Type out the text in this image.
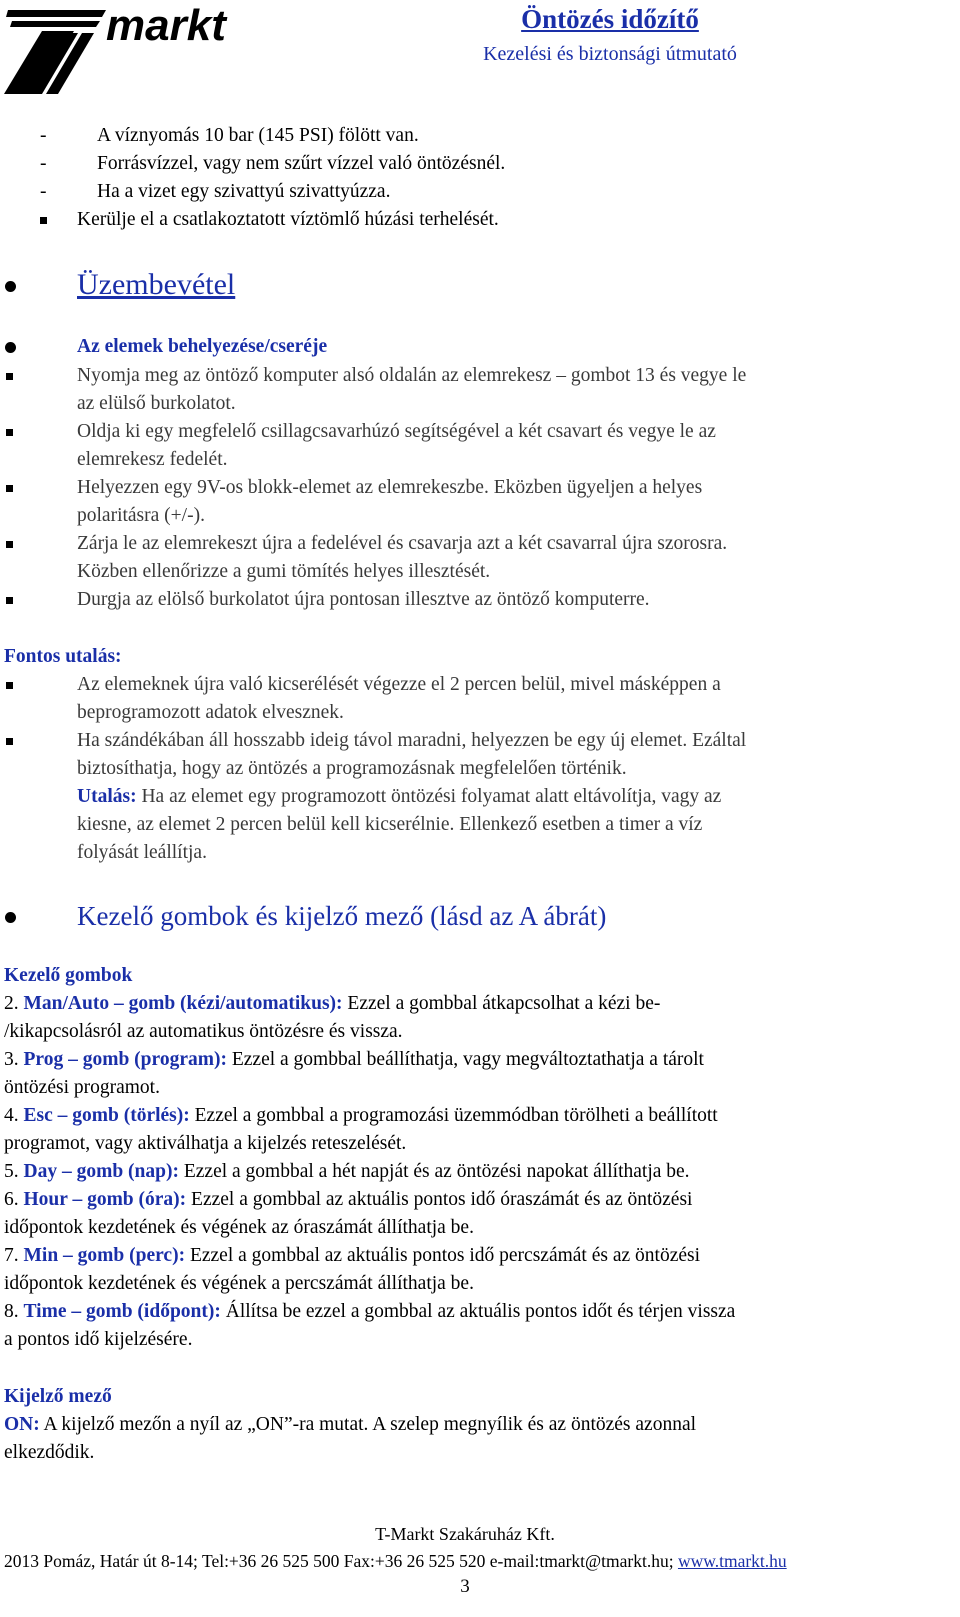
markt	Öntözés időzítő
Kezelési és biztonsági útmutató
-	A víznyomás 10 bar (145 PSI) fölött van.
-	Forrásvízzel, vagy nem szűrt vízzel való öntözésnél.
-	Ha a vizet egy szivattyú szivattyúzza.
Kerülje el a csatlakoztatott víztömlő húzási terhelését.
Üzembevétel
Az elemek behelyezése/cseréje
Nyomja meg az öntöző komputer alsó oldalán az elemrekesz – gombot 13 és vegye le
az elülső burkolatot.
Oldja ki egy megfelelő csillagcsavarhúzó segítségével a két csavart és vegye le az
elemrekesz fedelét.
Helyezzen egy 9V-os blokk-elemet az elemrekeszbe. Eközben ügyeljen a helyes
polaritásra (+/-).
Zárja le az elemrekeszt újra a fedelével és csavarja azt a két csavarral újra szorosra.
Közben ellenőrizze a gumi tömítés helyes illesztését.
Durgja az elölső burkolatot újra pontosan illesztve az öntöző komputerre.
Fontos utalás:
Az elemeknek újra való kicserélését végezze el 2 percen belül, mivel másképpen a
beprogramozott adatok elvesznek.
Ha szándékában áll hosszabb ideig távol maradni, helyezzen be egy új elemet. Ezáltal
biztosíthatja, hogy az öntözés a programozásnak megfelelően történik.
Utalás: Ha az elemet egy programozott öntözési folyamat alatt eltávolítja, vagy az
kiesne, az elemet 2 percen belül kell kicserélnie. Ellenkező esetben a timer a víz
folyását leállítja.
Kezelő gombok és kijelző mező (lásd az A ábrát)
Kezelő gombok
2. Man/Auto – gomb (kézi/automatikus): Ezzel a gombbal átkapcsolhat a kézi be-
/kikapcsolásról az automatikus öntözésre és vissza.
3. Prog – gomb (program): Ezzel a gombbal beállíthatja, vagy megváltoztathatja a tárolt
öntözési programot.
4. Esc – gomb (törlés): Ezzel a gombbal a programozási üzemmódban törölheti a beállított
programot, vagy aktiválhatja a kijelzés reteszelését.
5. Day – gomb (nap): Ezzel a gombbal a hét napját és az öntözési napokat állíthatja be.
6. Hour – gomb (óra): Ezzel a gombbal az aktuális pontos idő óraszámát és az öntözési
időpontok kezdetének és végének az óraszámát állíthatja be.
7. Min – gomb (perc): Ezzel a gombbal az aktuális pontos idő percszámát és az öntözési
időpontok kezdetének és végének a percszámát állíthatja be.
8. Time – gomb (időpont): Állítsa be ezzel a gombbal az aktuális pontos időt és térjen vissza
a pontos idő kijelzésére.
Kijelző mező
ON: A kijelző mezőn a nyíl az „ON”-ra mutat. A szelep megnyílik és az öntözés azonnal
elkezdődik.
T-Markt Szakáruház Kft.
2013 Pomáz, Határ út 8-14; Tel:+36 26 525 500 Fax:+36 26 525 520 e-mail:tmarkt@tmarkt.hu; www.tmarkt.hu
3
